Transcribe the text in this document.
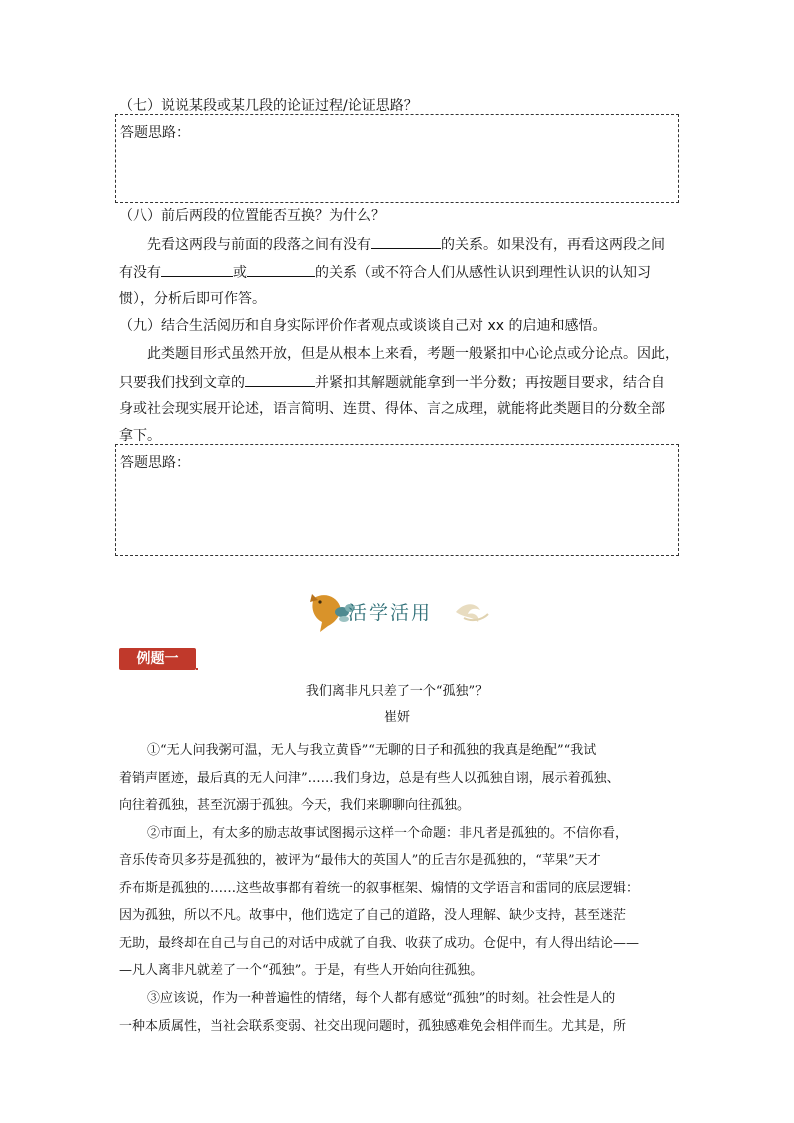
（七）说说某段或某几段的论证过程/论证思路？
答题思路：
（八）前后两段的位置能否互换？为什么？
先看这两段与前面的段落之间有没有	的关系。如果没有，再看这两段之间
有没有	或	的关系（或不符合人们从感性认识到理性认识的认知习
惯），分析后即可作答。
（九）结合生活阅历和自身实际评价作者观点或谈谈自己对 xx 的启迪和感悟。
此类题目形式虽然开放，但是从根本上来看，考题一般紧扣中心论点或分论点。因此，
只要我们找到文章的	并紧扣其解题就能拿到一半分数；再按题目要求，结合自
身或社会现实展开论述，语言简明、连贯、得体、言之成理，就能将此类题目的分数全部
拿下。
答题思路：
活学活用
例题一
我们离非凡只差了一个“孤独”？
崔妍
①“无人问我粥可温，无人与我立黄昏”“无聊的日子和孤独的我真是绝配”“我试
着销声匿迹，最后真的无人问津”……我们身边，总是有些人以孤独自诩，展示着孤独、
向往着孤独，甚至沉溺于孤独。今天，我们来聊聊向往孤独。
②市面上，有太多的励志故事试图揭示这样一个命题：非凡者是孤独的。不信你看，
音乐传奇贝多芬是孤独的，被评为“最伟大的英国人”的丘吉尔是孤独的，“苹果”天才
乔布斯是孤独的……这些故事都有着统一的叙事框架、煽情的文学语言和雷同的底层逻辑：
因为孤独，所以不凡。故事中，他们选定了自己的道路，没人理解、缺少支持，甚至迷茫
无助，最终却在自己与自己的对话中成就了自我、收获了成功。仓促中，有人得出结论——
—凡人离非凡就差了一个“孤独”。于是，有些人开始向往孤独。
③应该说，作为一种普遍性的情绪，每个人都有感觉“孤独”的时刻。社会性是人的
一种本质属性，当社会联系变弱、社交出现问题时，孤独感难免会相伴而生。尤其是，所
